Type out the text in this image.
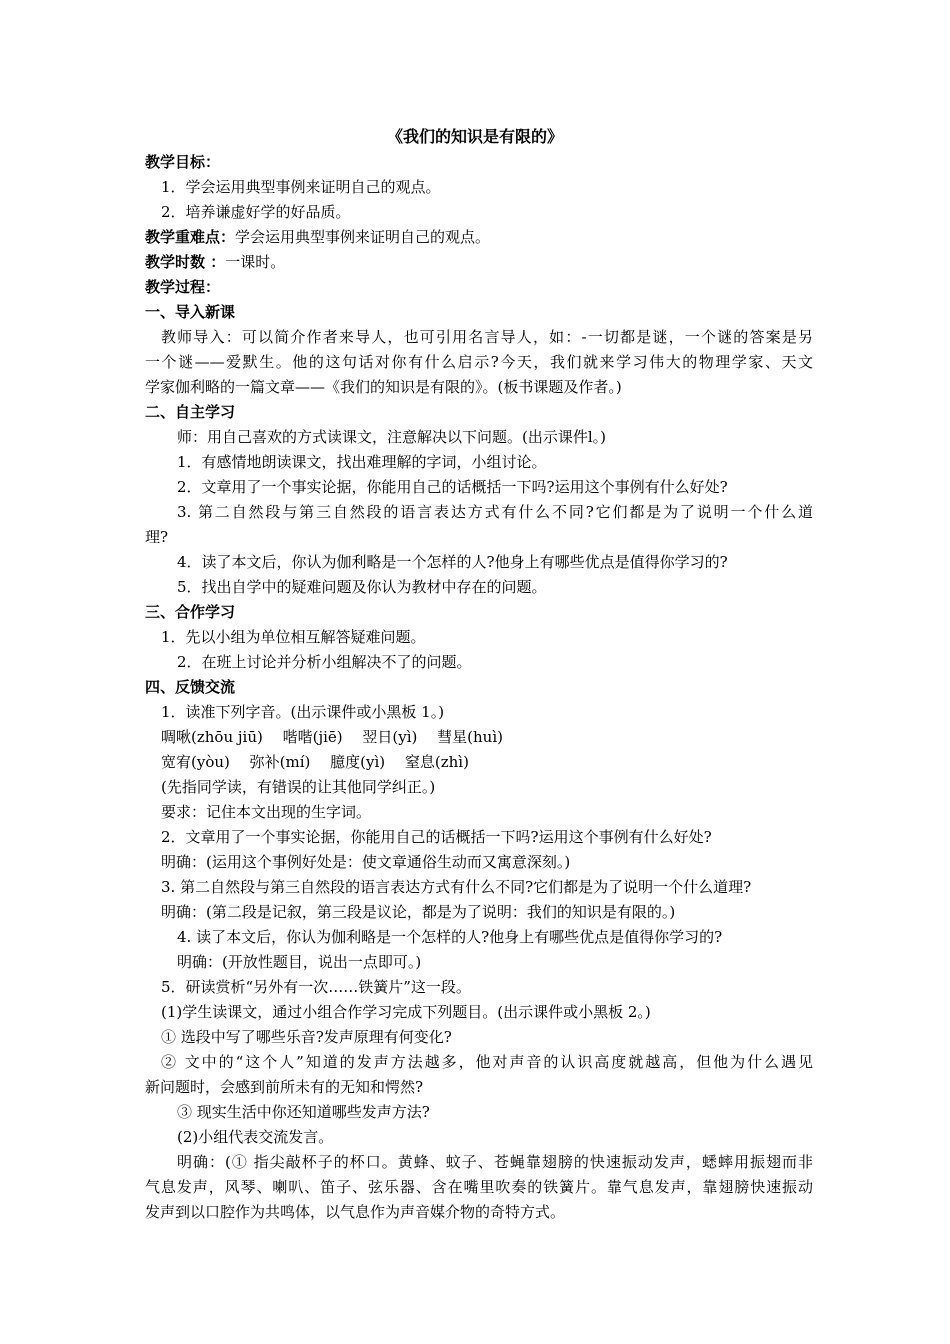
《我们的知识是有限的》

教学目标：

1．学会运用典型事例来证明自己的观点。

2．培养谦虚好学的好品质。

教学重难点：学会运用典型事例来证明自己的观点。

教学时数 ：一课时。

教学过程：

一、导入新课

教师导入：可以简介作者来导人，也可引用名言导人，如：-一切都是谜，一个谜的答案是另

一个谜——爱默生。他的这句话对你有什么启示?今天，我们就来学习伟大的物理学家、天文

学家伽利略的一篇文章——《我们的知识是有限的》。(板书课题及作者。)

二、自主学习

师：用自己喜欢的方式读课文，注意解决以下问题。(出示课件l。)

1．有感情地朗读课文，找出难理解的字词，小组讨论。

2．文章用了一个事实论据，你能用自己的话概括一下吗?运用这个事例有什么好处?

3. 第二自然段与第三自然段的语言表达方式有什么不同?它们都是为了说明一个什么道

理?

4．读了本文后，你认为伽利略是一个怎样的人?他身上有哪些优点是值得你学习的?

5．找出自学中的疑难问题及你认为教材中存在的问题。

三、合作学习

1．先以小组为单位相互解答疑难问题。

2．在班上讨论并分析小组解决不了的问题。

四、反馈交流

1．读准下列字音。(出示课件或小黑板 1。)

啁啾(zhōu jiū)　 喈喈(jiē)　 翌日(yì)　 彗星(huì)

宽宥(yòu)　 弥补(mí)　 臆度(yì)　 窒息(zhì)

(先指同学读，有错误的让其他同学纠正。)

要求：记住本文出现的生字词。

2．文章用了一个事实论据，你能用自己的话概括一下吗?运用这个事例有什么好处?

明确：(运用这个事例好处是：使文章通俗生动而又寓意深刻。)

3. 第二自然段与第三自然段的语言表达方式有什么不同?它们都是为了说明一个什么道理?

明确：(第二段是记叙，第三段是议论，都是为了说明：我们的知识是有限的。)

4. 读了本文后，你认为伽利略是一个怎样的人?他身上有哪些优点是值得你学习的?

明确：(开放性题目，说出一点即可。)

5．研读赏析“另外有一次……铁簧片”这一段。

(1)学生读课文，通过小组合作学习完成下列题目。(出示课件或小黑板 2。)

① 选段中写了哪些乐音?发声原理有何变化?

② 文中的“这个人”知道的发声方法越多，他对声音的认识高度就越高，但他为什么遇见

新问题时，会感到前所未有的无知和愕然?

③ 现实生活中你还知道哪些发声方法?

(2)小组代表交流发言。

明确：(① 指尖敲杯子的杯口。黄蜂、蚊子、苍蝇靠翅膀的快速振动发声，蟋蟀用振翅而非

气息发声，风琴、喇叭、笛子、弦乐器、含在嘴里吹奏的铁簧片。靠气息发声，靠翅膀快速振动

发声到以口腔作为共鸣体，以气息作为声音媒介物的奇特方式。
